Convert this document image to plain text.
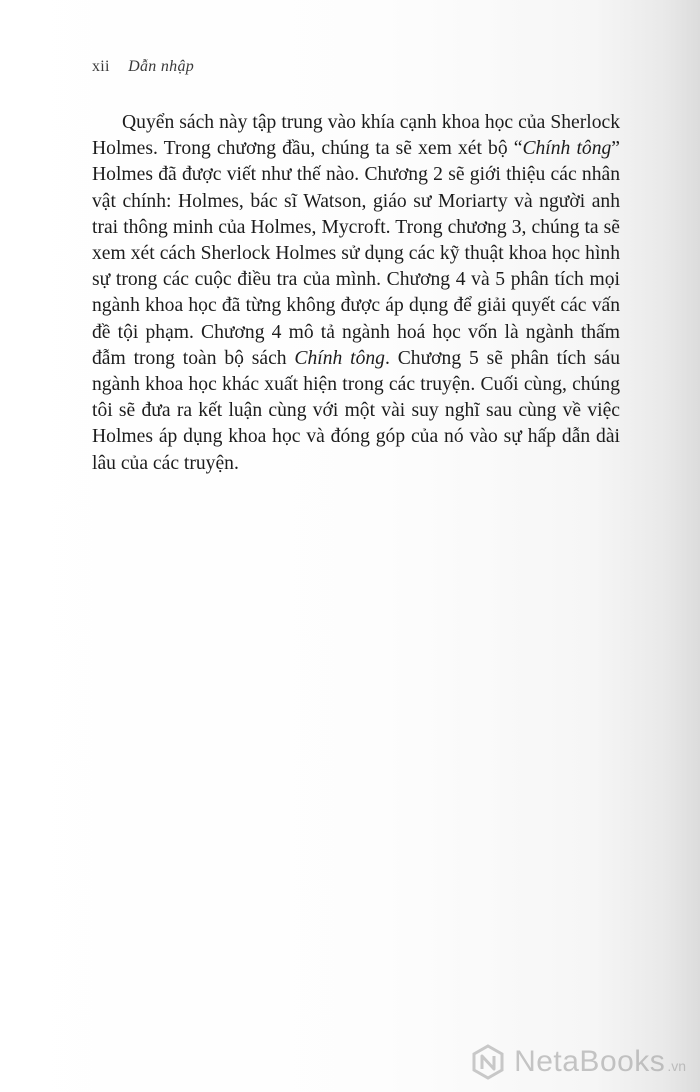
xii Dẫn nhập

Quyển sách này tập trung vào khía cạnh khoa học của Sherlock Holmes. Trong chương đầu, chúng ta sẽ xem xét bộ “Chính tông” Holmes đã được viết như thế nào. Chương 2 sẽ giới thiệu các nhân vật chính: Holmes, bác sĩ Watson, giáo sư Moriarty và người anh trai thông minh của Holmes, Mycroft. Trong chương 3, chúng ta sẽ xem xét cách Sherlock Holmes sử dụng các kỹ thuật khoa học hình sự trong các cuộc điều tra của mình. Chương 4 và 5 phân tích mọi ngành khoa học đã từng không được áp dụng để giải quyết các vấn đề tội phạm. Chương 4 mô tả ngành hoá học vốn là ngành thấm đẫm trong toàn bộ sách Chính tông. Chương 5 sẽ phân tích sáu ngành khoa học khác xuất hiện trong các truyện. Cuối cùng, chúng tôi sẽ đưa ra kết luận cùng với một vài suy nghĩ sau cùng về việc Holmes áp dụng khoa học và đóng góp của nó vào sự hấp dẫn dài lâu của các truyện.

NetaBooks .vn
